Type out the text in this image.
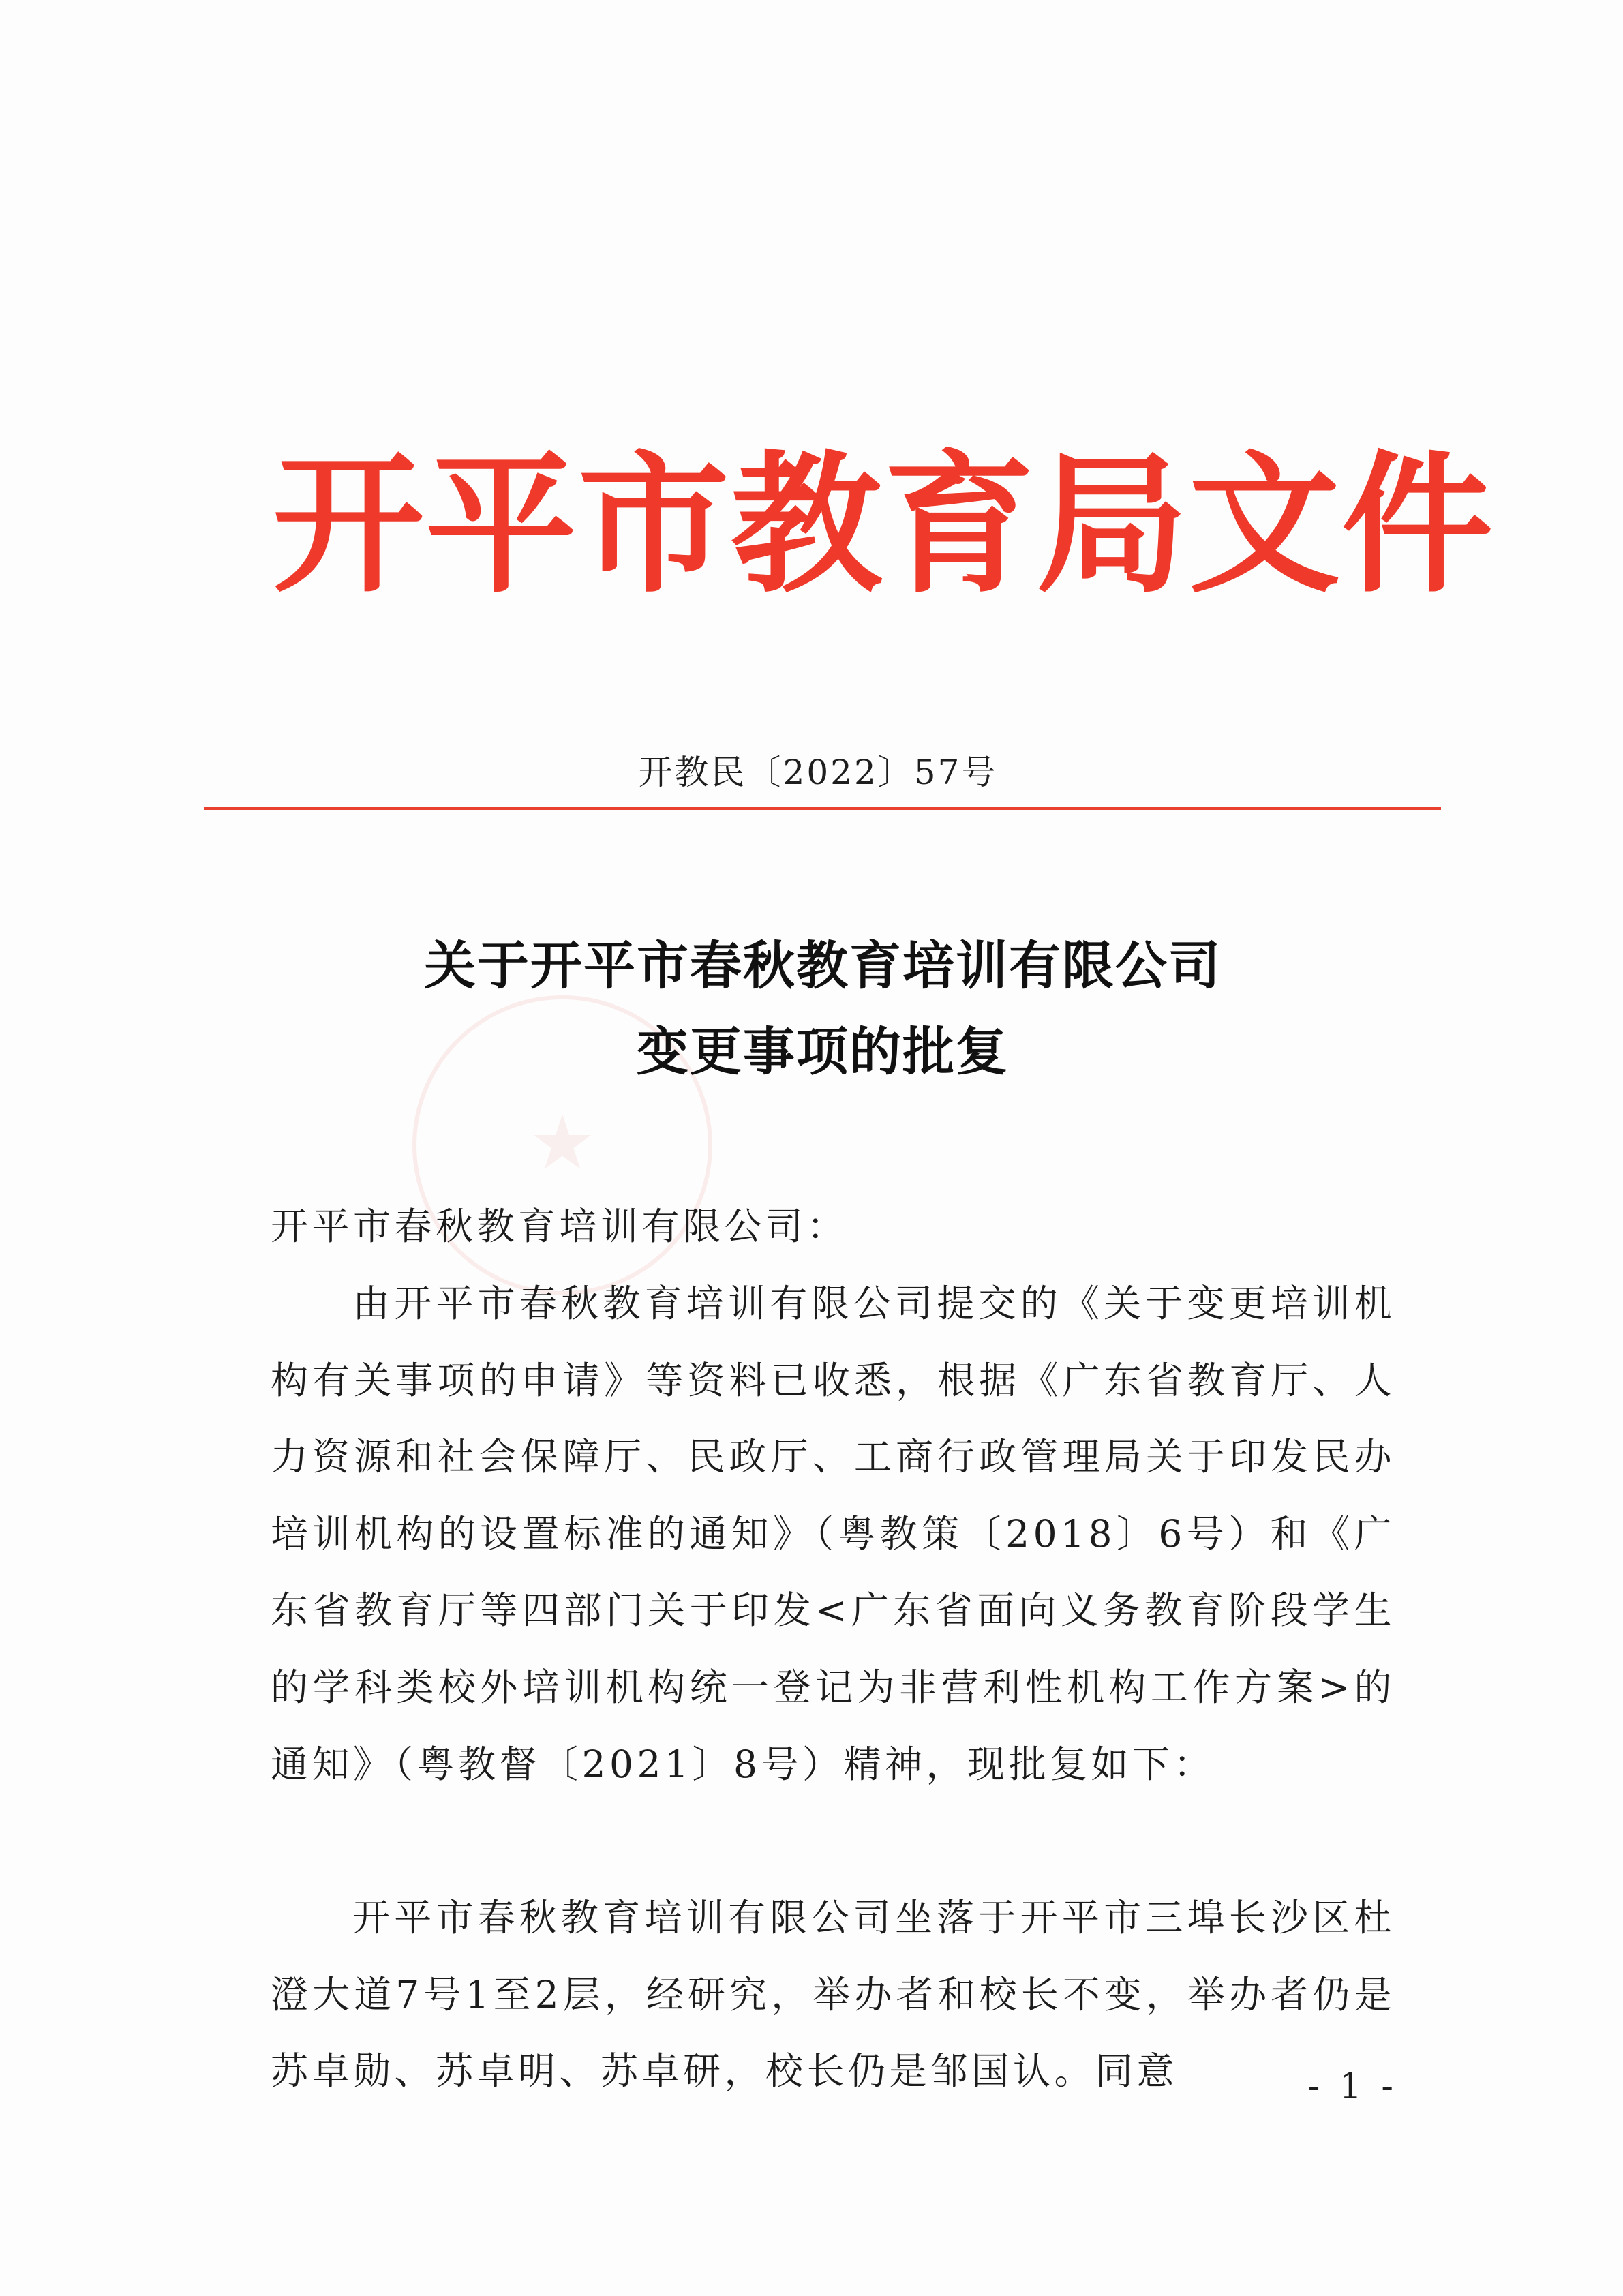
开平市教育局文件
开教民〔2022〕57号
★
关于开平市春秋教育培训有限公司
变更事项的批复

开平市春秋教育培训有限公司：

由开平市春秋教育培训有限公司提交的《关于变更培训机构有关事项的申请》等资料已收悉，根据《广东省教育厅、人力资源和社会保障厅、民政厅、工商行政管理局关于印发民办培训机构的设置标准的通知》（粤教策〔2018〕6号）和《广东省教育厅等四部门关于印发<广东省面向义务教育阶段学生的学科类校外培训机构统一登记为非营利性机构工作方案>的通知》（粤教督〔2021〕8号）精神，现批复如下：

开平市春秋教育培训有限公司坐落于开平市三埠长沙区杜澄大道7号1至2层，经研究，举办者和校长不变，举办者仍是苏卓勋、苏卓明、苏卓研，校长仍是邹国认。同意	- 1 -
